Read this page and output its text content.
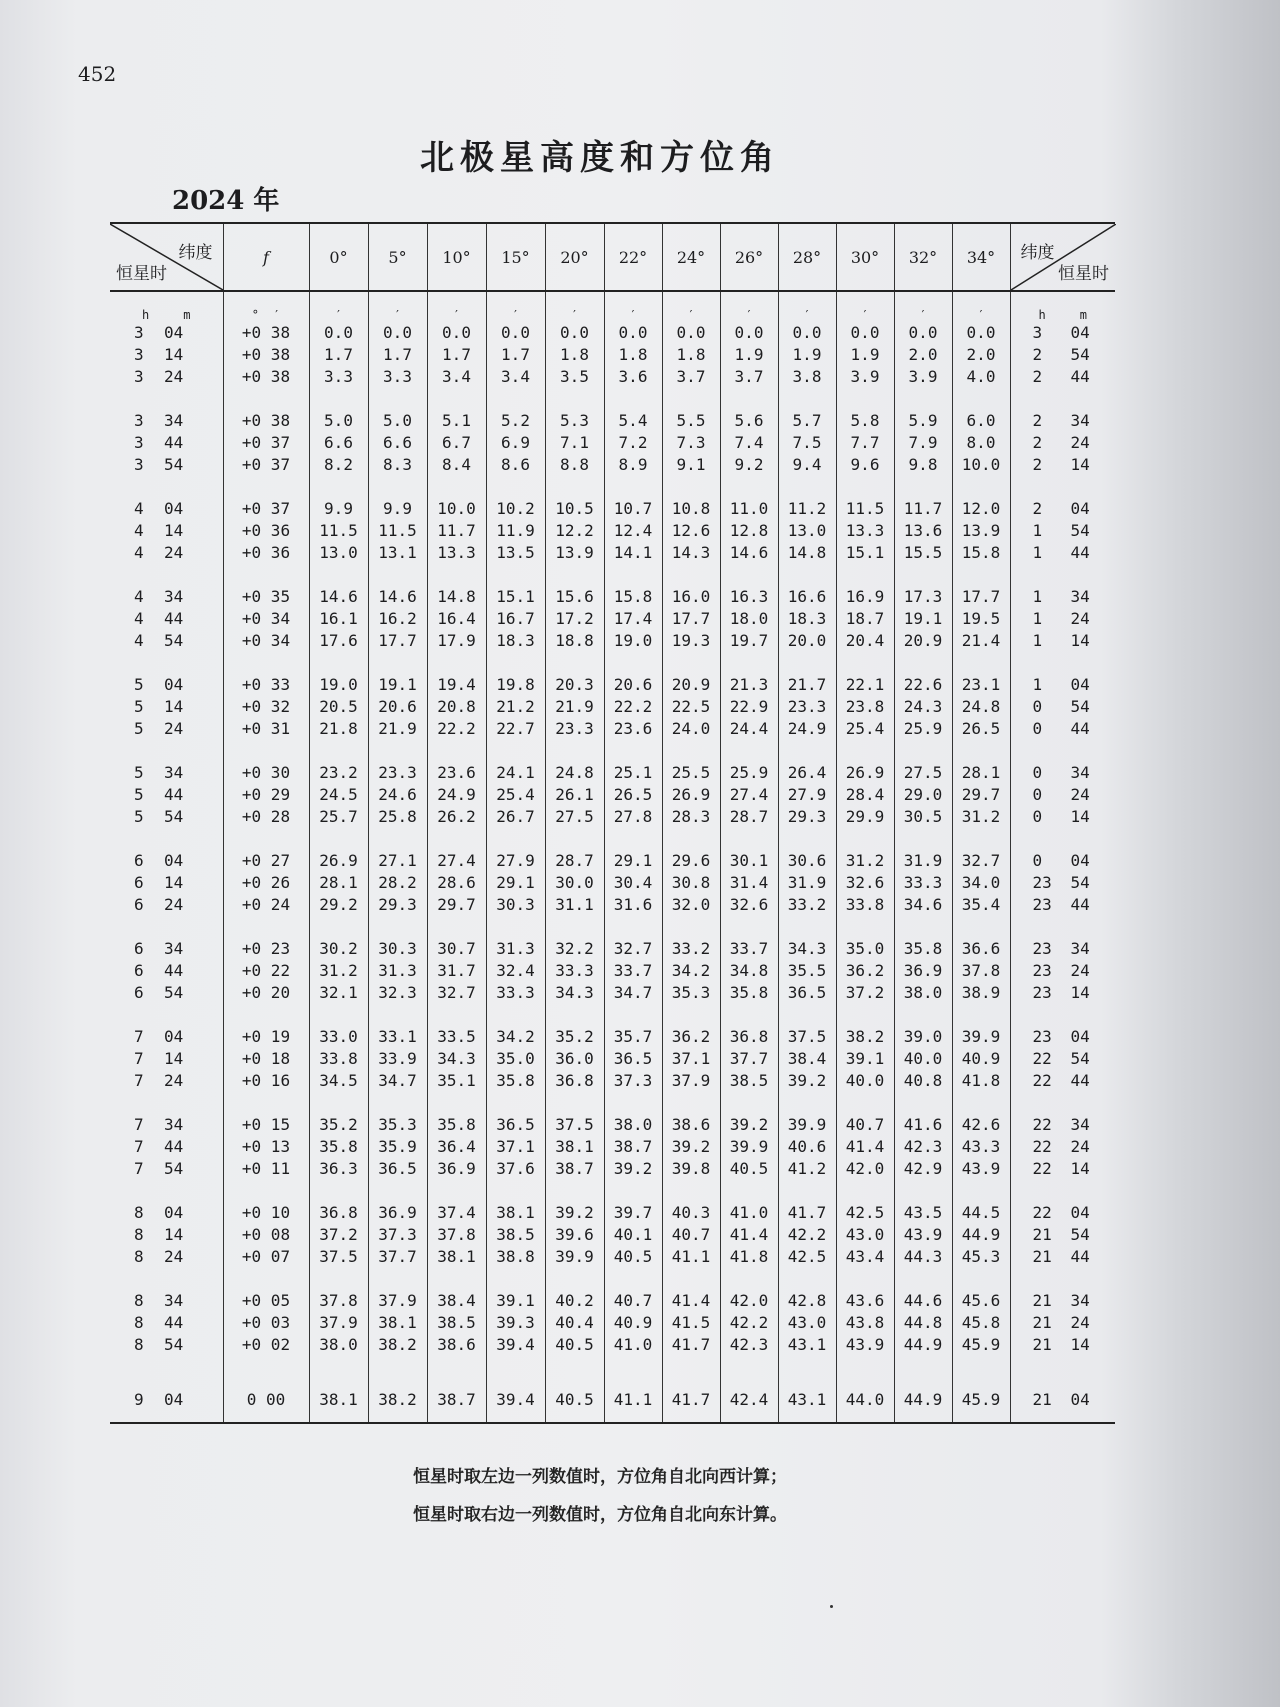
452
北极星高度和方位角
2024 年
纬度
恒星时	f	0°	5°	10°	15°	20°	22°	24°	26°	28°	30°	32°	34°	纬度
恒星时

h m	° ′	′	′	′	′	′	′	′	′	′	′	′	′	h m
3 04	+0 38	0.0	0.0	0.0	0.0	0.0	0.0	0.0	0.0	0.0	0.0	0.0	0.0	3 04
3 14	+0 38	1.7	1.7	1.7	1.7	1.8	1.8	1.8	1.9	1.9	1.9	2.0	2.0	2 54
3 24	+0 38	3.3	3.3	3.4	3.4	3.5	3.6	3.7	3.7	3.8	3.9	3.9	4.0	2 44

3 34	+0 38	5.0	5.0	5.1	5.2	5.3	5.4	5.5	5.6	5.7	5.8	5.9	6.0	2 34
3 44	+0 37	6.6	6.6	6.7	6.9	7.1	7.2	7.3	7.4	7.5	7.7	7.9	8.0	2 24
3 54	+0 37	8.2	8.3	8.4	8.6	8.8	8.9	9.1	9.2	9.4	9.6	9.8	10.0	2 14

4 04	+0 37	9.9	9.9	10.0	10.2	10.5	10.7	10.8	11.0	11.2	11.5	11.7	12.0	2 04
4 14	+0 36	11.5	11.5	11.7	11.9	12.2	12.4	12.6	12.8	13.0	13.3	13.6	13.9	1 54
4 24	+0 36	13.0	13.1	13.3	13.5	13.9	14.1	14.3	14.6	14.8	15.1	15.5	15.8	1 44

4 34	+0 35	14.6	14.6	14.8	15.1	15.6	15.8	16.0	16.3	16.6	16.9	17.3	17.7	1 34
4 44	+0 34	16.1	16.2	16.4	16.7	17.2	17.4	17.7	18.0	18.3	18.7	19.1	19.5	1 24
4 54	+0 34	17.6	17.7	17.9	18.3	18.8	19.0	19.3	19.7	20.0	20.4	20.9	21.4	1 14

5 04	+0 33	19.0	19.1	19.4	19.8	20.3	20.6	20.9	21.3	21.7	22.1	22.6	23.1	1 04
5 14	+0 32	20.5	20.6	20.8	21.2	21.9	22.2	22.5	22.9	23.3	23.8	24.3	24.8	0 54
5 24	+0 31	21.8	21.9	22.2	22.7	23.3	23.6	24.0	24.4	24.9	25.4	25.9	26.5	0 44

5 34	+0 30	23.2	23.3	23.6	24.1	24.8	25.1	25.5	25.9	26.4	26.9	27.5	28.1	0 34
5 44	+0 29	24.5	24.6	24.9	25.4	26.1	26.5	26.9	27.4	27.9	28.4	29.0	29.7	0 24
5 54	+0 28	25.7	25.8	26.2	26.7	27.5	27.8	28.3	28.7	29.3	29.9	30.5	31.2	0 14

6 04	+0 27	26.9	27.1	27.4	27.9	28.7	29.1	29.6	30.1	30.6	31.2	31.9	32.7	0 04
6 14	+0 26	28.1	28.2	28.6	29.1	30.0	30.4	30.8	31.4	31.9	32.6	33.3	34.0	23 54
6 24	+0 24	29.2	29.3	29.7	30.3	31.1	31.6	32.0	32.6	33.2	33.8	34.6	35.4	23 44

6 34	+0 23	30.2	30.3	30.7	31.3	32.2	32.7	33.2	33.7	34.3	35.0	35.8	36.6	23 34
6 44	+0 22	31.2	31.3	31.7	32.4	33.3	33.7	34.2	34.8	35.5	36.2	36.9	37.8	23 24
6 54	+0 20	32.1	32.3	32.7	33.3	34.3	34.7	35.3	35.8	36.5	37.2	38.0	38.9	23 14

7 04	+0 19	33.0	33.1	33.5	34.2	35.2	35.7	36.2	36.8	37.5	38.2	39.0	39.9	23 04
7 14	+0 18	33.8	33.9	34.3	35.0	36.0	36.5	37.1	37.7	38.4	39.1	40.0	40.9	22 54
7 24	+0 16	34.5	34.7	35.1	35.8	36.8	37.3	37.9	38.5	39.2	40.0	40.8	41.8	22 44

7 34	+0 15	35.2	35.3	35.8	36.5	37.5	38.0	38.6	39.2	39.9	40.7	41.6	42.6	22 34
7 44	+0 13	35.8	35.9	36.4	37.1	38.1	38.7	39.2	39.9	40.6	41.4	42.3	43.3	22 24
7 54	+0 11	36.3	36.5	36.9	37.6	38.7	39.2	39.8	40.5	41.2	42.0	42.9	43.9	22 14

8 04	+0 10	36.8	36.9	37.4	38.1	39.2	39.7	40.3	41.0	41.7	42.5	43.5	44.5	22 04
8 14	+0 08	37.2	37.3	37.8	38.5	39.6	40.1	40.7	41.4	42.2	43.0	43.9	44.9	21 54
8 24	+0 07	37.5	37.7	38.1	38.8	39.9	40.5	41.1	41.8	42.5	43.4	44.3	45.3	21 44

8 34	+0 05	37.8	37.9	38.4	39.1	40.2	40.7	41.4	42.0	42.8	43.6	44.6	45.6	21 34
8 44	+0 03	37.9	38.1	38.5	39.3	40.4	40.9	41.5	42.2	43.0	43.8	44.8	45.8	21 24
8 54	+0 02	38.0	38.2	38.6	39.4	40.5	41.0	41.7	42.3	43.1	43.9	44.9	45.9	21 14

9 04	0 00	38.1	38.2	38.7	39.4	40.5	41.1	41.7	42.4	43.1	44.0	44.9	45.9	21 04
恒星时取左边一列数值时，方位角自北向西计算；
恒星时取右边一列数值时，方位角自北向东计算。
